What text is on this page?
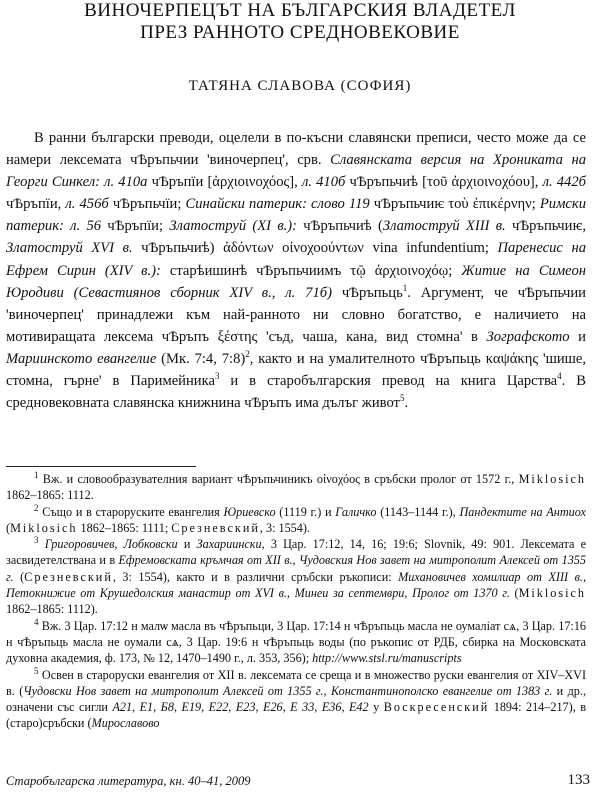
ВИНОЧЕРПЕЦЪТ НА БЪЛГАРСКИЯ ВЛАДЕТЕЛ
ПРЕЗ РАННОТО СРЕДНОВЕКОВИЕ
ТАТЯНА СЛАВОВА (СОФИЯ)

В ранни български преводи, оцелели в по-късни славянски преписи, често може да се намери лексемата чѢръпьчии 'виночерпец', срв. Славянската версия на Хрониката на Георги Синкел: л. 410а чѢръпїи [ἀρχιοινοχόος], л. 410б чѢръпьчиѣ [τοῦ ἀρχιοινοχόου], л. 442б чѢръпїи, л. 456б чѢръпьчїи; Синайски патерик: слово 119 чѢръпьчиѥ τοὺ ἐπικέρνην; Римски патерик: л. 56 чѢръпїи; Златоструй (XI в.): чѢръпьчиѣ (Златоструй XIII в. чѢръпьчиѥ, Златоструй XVI в. чѢръпьчиѣ) ἀδόντων οἰνοχοούντων vina infundentium; Паренесис на Ефрем Сирин (XIV в.): старѣишинѣ чѢръпьчиимъ τῷ ἀρχιοινοχόῳ; Житие на Симеон Юродиви (Севастиянов сборник XIV в., л. 71б) чѢръпьць$^1$. Аргумент, че чѢръпьчии 'виночерпец' принадлежи към най-ранното ни словно богатство, е наличието на мотивиращата лексема чѢръпъ ξέστης 'съд, чаша, кана, вид стомна' в Зографското и Мариинското евангелие (Мк. 7:4, 7:8)$^2$, както и на умалителното чѢръпьць καψάκης 'шише, стомна, гърне' в Паримейника$^3$ и в старобългарския превод на книга Царства$^4$. В средновековната славянска книжнина чѢръпъ има дълъг живот$^5$.

$^1$ Вж. и словообразувателния вариант чѢръпьчиникъ οἰνοχόος в сръбски пролог от 1572 г., Miklosich 1862–1865: 1112.

$^2$ Също и в староруските евангелия Юриевско (1119 г.) и Галичко (1143–1144 г.), Пандектите на Антиох (Miklosich 1862–1865: 1111; Срезневский, 3: 1554).

$^3$ Григоровичев, Лобковски и Захариински, 3 Цар. 17:12, 14, 16; 19:6; Slovnik, 49: 901. Лексемата е засвидетелствана и в Ефремовската кръмчая от XII в., Чудовския Нов завет на митрополит Алексей от 1355 г. (Срезневский, 3: 1554), както и в различни сръбски ръкописи: Михановичев хомилиар от XIII в., Петокнижие от Крушедолския манастир от XVI в., Минеи за септември, Пролог от 1370 г. (Miklosich 1862–1865: 1112).

$^4$ Вж. 3 Цар. 17:12 н малѡ масла въ чѢръпьци, 3 Цар. 17:14 н чѢръпьць масла не оумаліат сѧ, 3 Цар. 17:16 н чѢръпьць масла не оумали сѧ, 3 Цар. 19:6 н чѢръпьць воды (по ръкопис от РДБ, сбирка на Московската духовна академия, ф. 173, № 12, 1470–1490 г., л. 353, 356); http://www.stsl.ru/manuscripts

$^5$ Освен в староруски евангелия от XII в. лексемата се среща и в множество руски евангелия от XIV–XVI в. (Чудовски Нов завет на митрополит Алексей от 1355 г., Константинополско евангелие от 1383 г. и др., означени със сигли А21, Е1, Б8, Е19, Е22, Е23, Е26, Е 33, Е36, Е42 у Воскресенский 1894: 214–217), в (старо)сръбски (Мирославово

Старобългарска литература, кн. 40–41, 2009	133
